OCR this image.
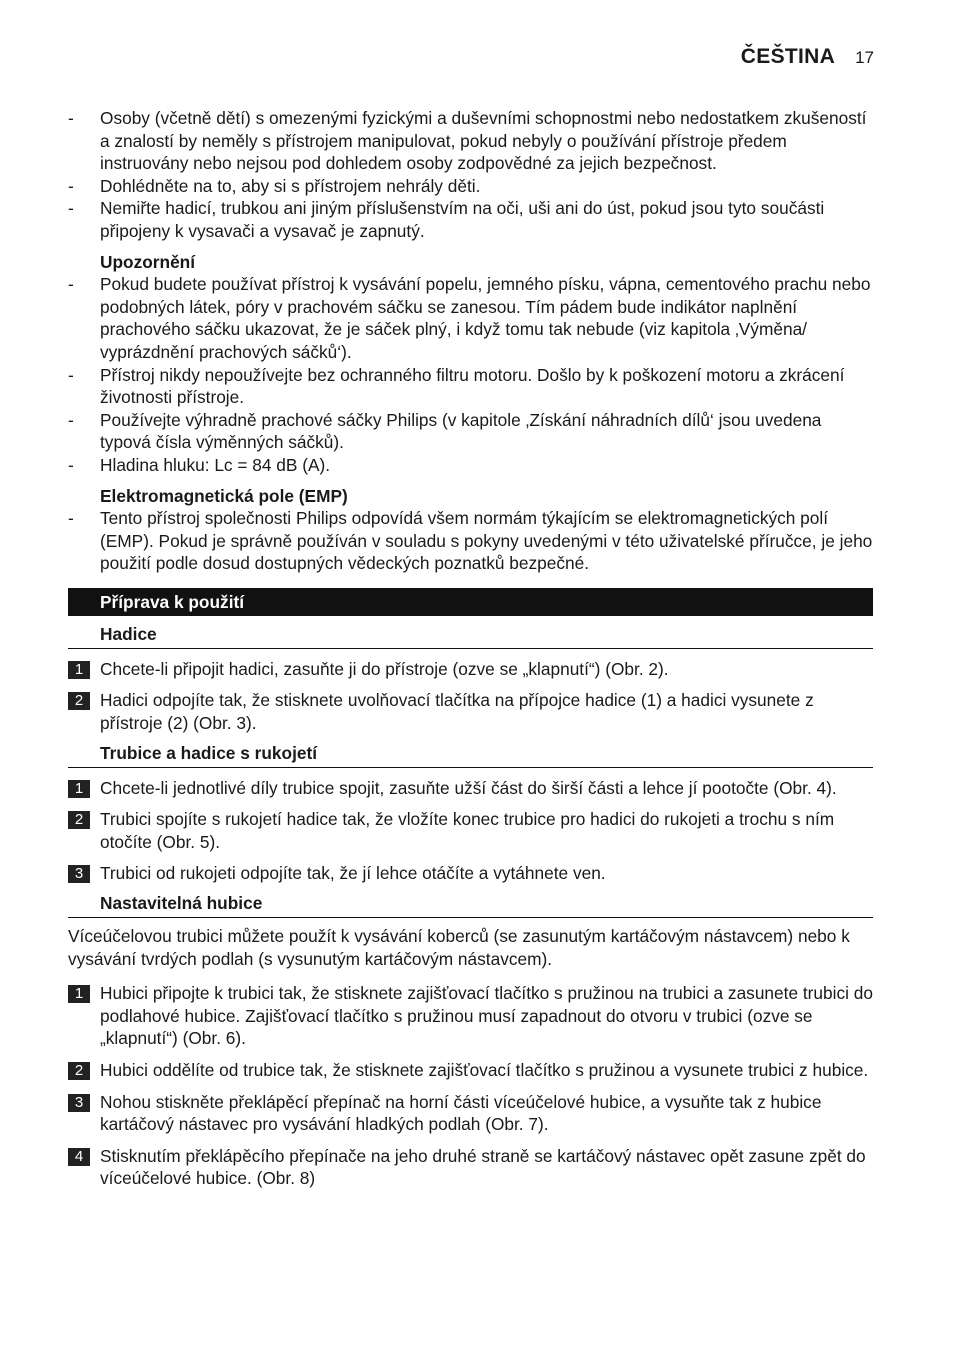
ČEŠTINA 17
- Osoby (včetně dětí) s omezenými fyzickými a duševními schopnostmi nebo nedostatkem zkušeností a znalostí by neměly s přístrojem manipulovat, pokud nebyly o používání přístroje předem instruovány nebo nejsou pod dohledem osoby zodpovědné za jejich bezpečnost.
- Dohlédněte na to, aby si s přístrojem nehrály děti.
- Nemiřte hadicí, trubkou ani jiným příslušenstvím na oči, uši ani do úst, pokud jsou tyto součásti připojeny k vysavači a vysavač je zapnutý.
Upozornění
- Pokud budete používat přístroj k vysávání popelu, jemného písku, vápna, cementového prachu nebo podobných látek, póry v prachovém sáčku se zanesou. Tím pádem bude indikátor naplnění prachového sáčku ukazovat, že je sáček plný, i když tomu tak nebude (viz kapitola ‚Výměna/ vyprázdnění prachových sáčků‘).
- Přístroj nikdy nepoužívejte bez ochranného filtru motoru. Došlo by k poškození motoru a zkrácení životnosti přístroje.
- Používejte výhradně prachové sáčky Philips (v kapitole ‚Získání náhradních dílů‘ jsou uvedena typová čísla výměnných sáčků).
- Hladina hluku: Lc = 84 dB (A).
Elektromagnetická pole (EMP)
- Tento přístroj společnosti Philips odpovídá všem normám týkajícím se elektromagnetických polí (EMP). Pokud je správně používán v souladu s pokyny uvedenými v této uživatelské příručce, je jeho použití podle dosud dostupných vědeckých poznatků bezpečné.
Příprava k použití
Hadice
1 Chcete-li připojit hadici, zasuňte ji do přístroje (ozve se „klapnutí“) (Obr. 2).
2 Hadici odpojíte tak, že stisknete uvolňovací tlačítka na přípojce hadice (1) a hadici vysunete z přístroje (2) (Obr. 3).
Trubice a hadice s rukojetí
1 Chcete-li jednotlivé díly trubice spojit, zasuňte užší část do širší části a lehce jí pootočte (Obr. 4).
2 Trubici spojíte s rukojetí hadice tak, že vložíte konec trubice pro hadici do rukojeti a trochu s ním otočíte (Obr. 5).
3 Trubici od rukojeti odpojíte tak, že jí lehce otáčíte a vytáhnete ven.
Nastavitelná hubice
Víceúčelovou trubici můžete použít k vysávání koberců (se zasunutým kartáčovým nástavcem) nebo k vysávání tvrdých podlah (s vysunutým kartáčovým nástavcem).
1 Hubici připojte k trubici tak, že stisknete zajišťovací tlačítko s pružinou na trubici a zasunete trubici do podlahové hubice. Zajišťovací tlačítko s pružinou musí zapadnout do otvoru v trubici (ozve se „klapnutí“) (Obr. 6).
2 Hubici oddělíte od trubice tak, že stisknete zajišťovací tlačítko s pružinou a vysunete trubici z hubice.
3 Nohou stiskněte překlápěcí přepínač na horní části víceúčelové hubice, a vysuňte tak z hubice kartáčový nástavec pro vysávání hladkých podlah (Obr. 7).
4 Stisknutím překlápěcího přepínače na jeho druhé straně se kartáčový nástavec opět zasune zpět do víceúčelové hubice. (Obr. 8)
